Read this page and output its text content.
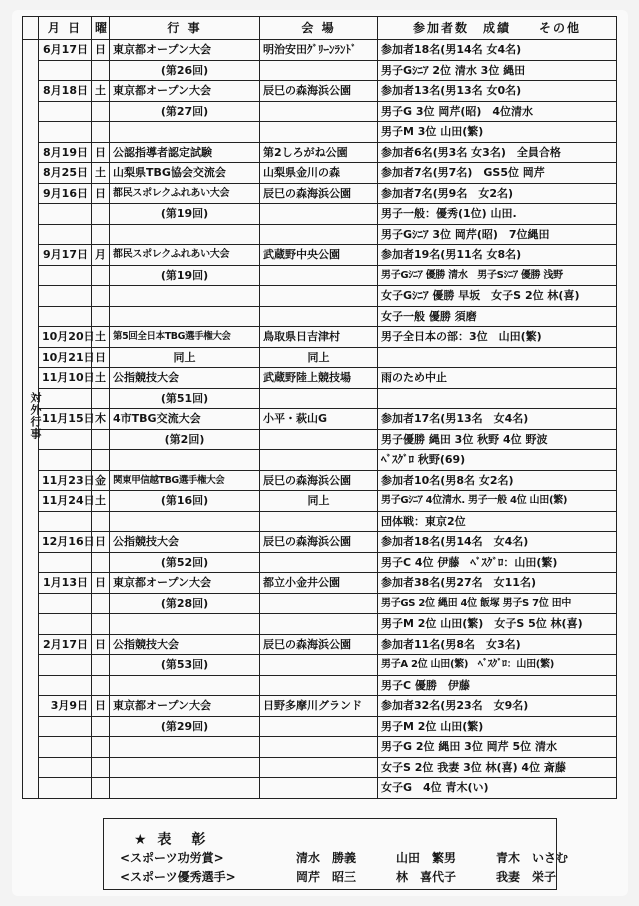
	月 日	曜	行 事	会 場	参加者数　成績　　その他
対外行事	6月17日	日	東京都オープン大会	明治安田ｸﾞﾘｰﾝﾗﾝﾄﾞ	参加者18名(男14名 女4名)
			(第26回)		男子Gｼﾆｱ 2位 清水 3位 縄田
	8月18日	土	東京都オープン大会	辰巳の森海浜公園	参加者13名(男13名 女0名)
			(第27回)		男子G 3位 岡芹(昭)　4位清水
					男子M 3位 山田(繁)
	8月19日	日	公認指導者認定試験	第2しろがね公園	参加者6名(男3名 女3名)　全員合格
	8月25日	土	山梨県TBG協会交流会	山梨県金川の森	参加者7名(男7名)　GS5位 岡芹
	9月16日	日	都民スポレクふれあい大会	辰巳の森海浜公園	参加者7名(男9名　女2名)
			(第19回)		男子一般：優秀(1位) 山田.
					男子Gｼﾆｱ 3位 岡芹(昭)　7位縄田
	9月17日	月	都民スポレクふれあい大会	武蔵野中央公園	参加者19名(男11名 女8名)
			(第19回)		男子Gｼﾆｱ 優勝 清水　男子Sｼﾆｱ 優勝 浅野
					女子Gｼﾆｱ 優勝 早坂　女子S 2位 林(喜)
					女子一般 優勝 須磨
	10月20日	土	第5回全日本TBG選手権大会	鳥取県日吉津村	男子全日本の部：3位　山田(繁)
	10月21日	日	同上	同上	
	11月10日	土	公指競技大会	武蔵野陸上競技場	雨のため中止
			(第51回)		
	11月15日	木	4市TBG交流大会	小平・萩山G	参加者17名(男13名　女4名)
			(第2回)		男子優勝 縄田 3位 秋野 4位 野波
					ﾍﾞｽｸﾞﾛ 秋野(69)
	11月23日	金	関東甲信越TBG選手権大会	辰巳の森海浜公園	参加者10名(男8名 女2名)
	11月24日	土	(第16回)	同上	男子Gｼﾆｱ 4位清水. 男子一般 4位 山田(繁)
					団体戦：東京2位
	12月16日	日	公指競技大会	辰巳の森海浜公園	参加者18名(男14名　女4名)
			(第52回)		男子C 4位 伊藤　ﾍﾞｽｸﾞﾛ：山田(繁)
	1月13日	日	東京都オープン大会	都立小金井公園	参加者38名(男27名　女11名)
			(第28回)		男子GS 2位 縄田 4位 飯塚 男子S 7位 田中
					男子M 2位 山田(繁)　女子S 5位 林(喜)
	2月17日	日	公指競技大会	辰巳の森海浜公園	参加者11名(男8名　女3名)
			(第53回)		男子A 2位 山田(繁)　ﾍﾞｽｸﾞﾛ：山田(繁)
					男子C 優勝　伊藤
	3月9日	日	東京都オープン大会	日野多摩川グランド	参加者32名(男23名　女9名)
			(第29回)		男子M 2位 山田(繁)
					男子G 2位 縄田 3位 岡芹 5位 清水
					女子S 2位 我妻 3位 林(喜) 4位 斎藤
					女子G　4位 青木(い)
★ 表　彰
<スポーツ功労賞>	清水　勝義	山田　繁男	青木　いさむ
<スポーツ優秀選手>	岡芹　昭三	林　喜代子	我妻　栄子
